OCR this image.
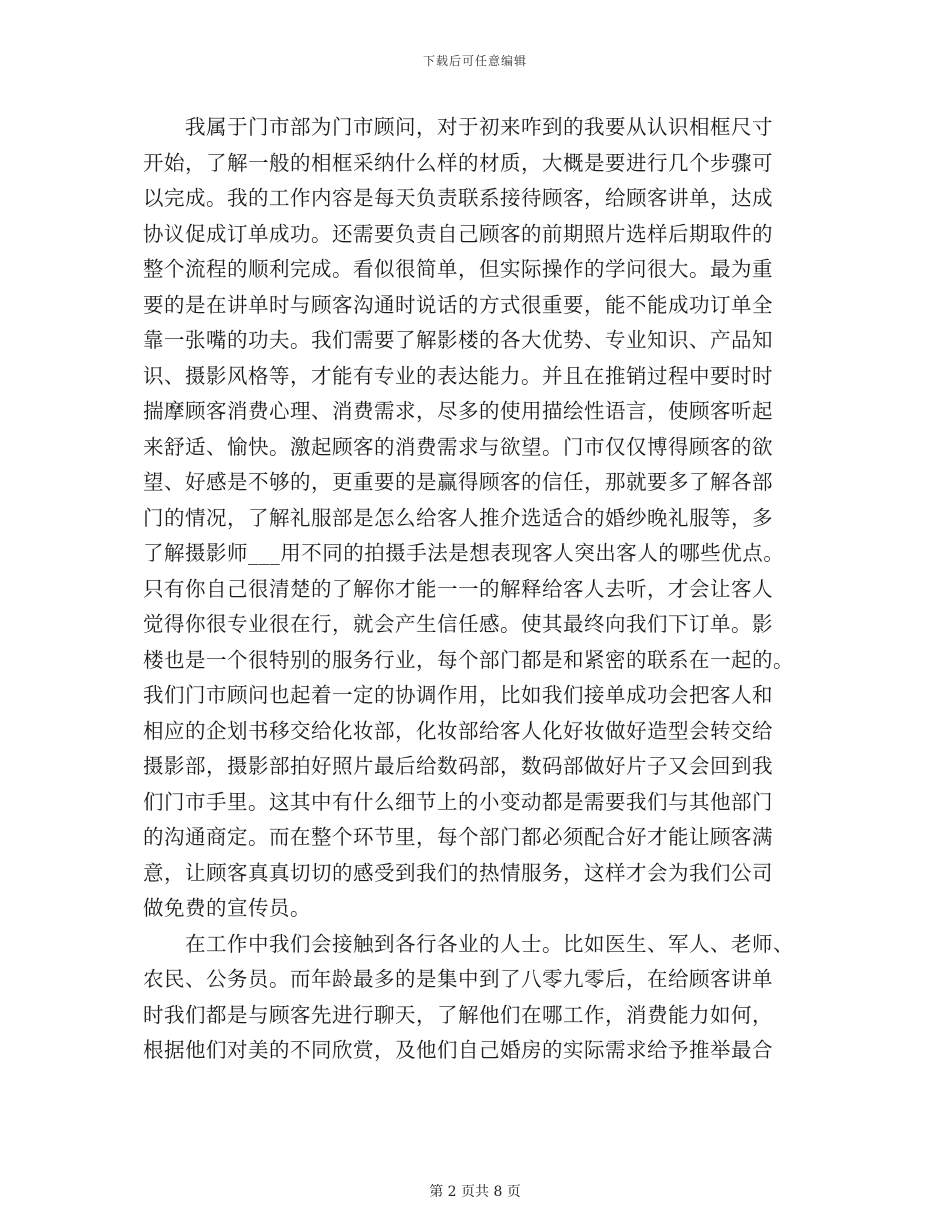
下载后可任意编辑
我属于门市部为门市顾问，对于初来咋到的我要从认识相框尺寸
开始，了解一般的相框采纳什么样的材质，大概是要进行几个步骤可
以完成。我的工作内容是每天负责联系接待顾客，给顾客讲单，达成
协议促成订单成功。还需要负责自己顾客的前期照片选样后期取件的
整个流程的顺利完成。看似很简单，但实际操作的学问很大。最为重
要的是在讲单时与顾客沟通时说话的方式很重要，能不能成功订单全
靠一张嘴的功夫。我们需要了解影楼的各大优势、专业知识、产品知
识、摄影风格等，才能有专业的表达能力。并且在推销过程中要时时
揣摩顾客消费心理、消费需求，尽多的使用描绘性语言，使顾客听起
来舒适、愉快。激起顾客的消费需求与欲望。门市仅仅博得顾客的欲
望、好感是不够的，更重要的是赢得顾客的信任，那就要多了解各部
门的情况，了解礼服部是怎么给客人推介选适合的婚纱晚礼服等，多
了解摄影师___用不同的拍摄手法是想表现客人突出客人的哪些优点。
只有你自己很清楚的了解你才能一一的解释给客人去听，才会让客人
觉得你很专业很在行，就会产生信任感。使其最终向我们下订单。影
楼也是一个很特别的服务行业，每个部门都是和紧密的联系在一起的。
我们门市顾问也起着一定的协调作用，比如我们接单成功会把客人和
相应的企划书移交给化妆部，化妆部给客人化好妆做好造型会转交给
摄影部，摄影部拍好照片最后给数码部，数码部做好片子又会回到我
们门市手里。这其中有什么细节上的小变动都是需要我们与其他部门
的沟通商定。而在整个环节里，每个部门都必须配合好才能让顾客满
意，让顾客真真切切的感受到我们的热情服务，这样才会为我们公司
做免费的宣传员。
在工作中我们会接触到各行各业的人士。比如医生、军人、老师、
农民、公务员。而年龄最多的是集中到了八零九零后，在给顾客讲单
时我们都是与顾客先进行聊天，了解他们在哪工作，消费能力如何，
根据他们对美的不同欣赏，及他们自己婚房的实际需求给予推举最合
第 2 页共 8 页
